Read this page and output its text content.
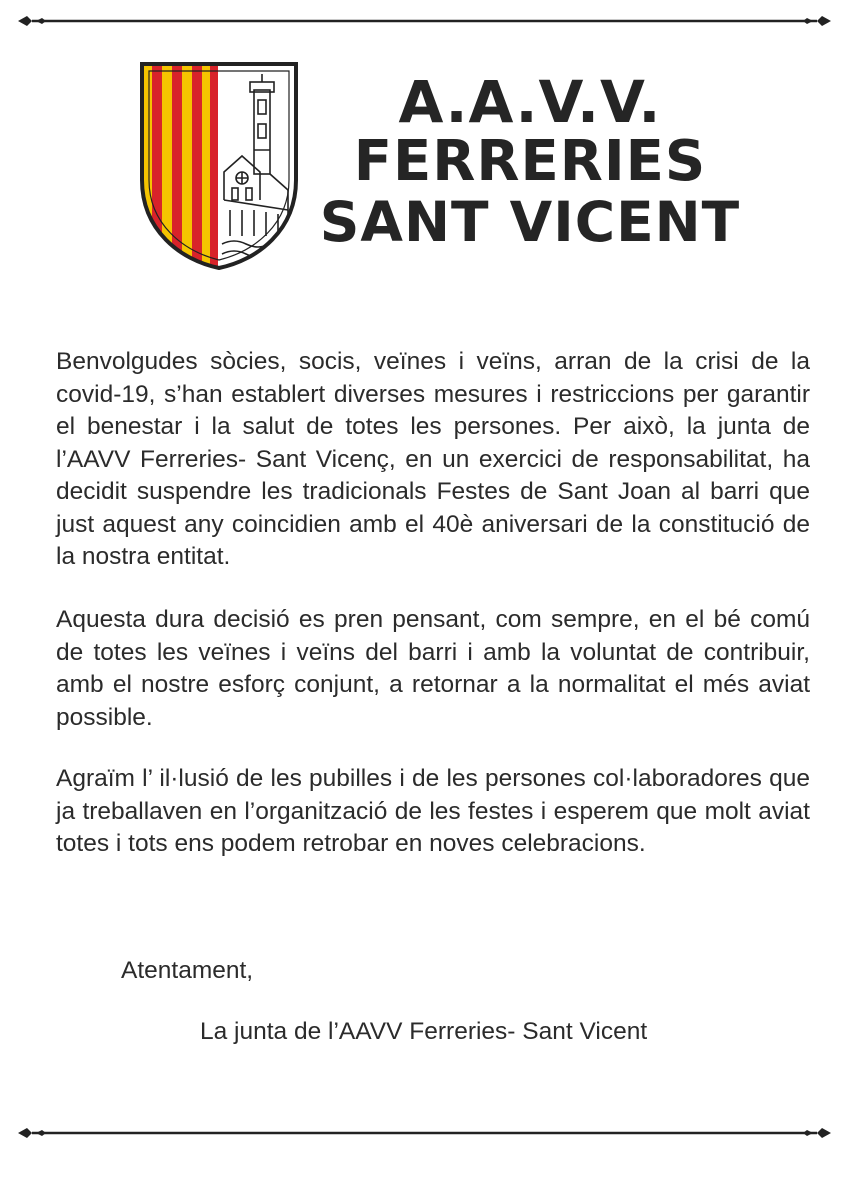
A.A.V.V.
FERRERIES
SANT VICENT

Benvolgudes sòcies, socis, veïnes i veïns, arran de la crisi de la covid-19, s’han establert diverses mesures i restriccions per garantir el benestar i la salut de totes les persones. Per això, la junta de l’AAVV Ferreries- Sant Vicenç, en un exercici de responsabilitat, ha decidit suspendre les tradicionals Festes de Sant Joan al barri que just aquest any coincidien amb el 40è aniversari de la constitució de la nostra entitat.

Aquesta dura decisió es pren pensant, com sempre, en el bé comú de totes les veïnes i veïns del barri i amb la voluntat de contribuir, amb el nostre esforç conjunt, a retornar a la normalitat el més aviat possible.

Agraïm l’ il·lusió de les pubilles i de les persones col·laboradores que ja treballaven en l’organització de les festes i esperem que molt aviat totes i tots ens podem retrobar en noves celebracions.

Atentament,
La junta de l’AAVV Ferreries- Sant Vicent
